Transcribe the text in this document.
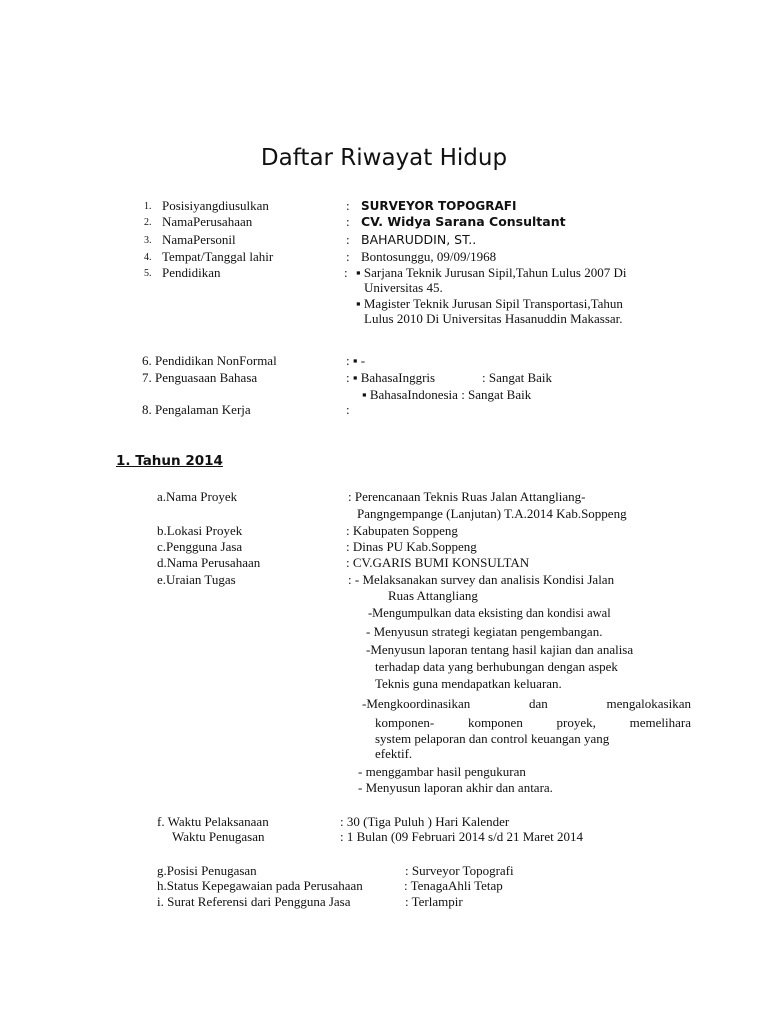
Daftar Riwayat Hidup
1. Posisiyangdiusulkan	: SURVEYOR TOPOGRAFI
2. NamaPerusahaan	: CV. Widya Sarana Consultant
3. NamaPersonil	: BAHARUDDIN, ST..
4. Tempat/Tanggal lahir	: Bontosunggu, 09/09/1968
5. Pendidikan	: ▪ Sarjana Teknik Jurusan Sipil,Tahun Lulus 2007 Di
Universitas 45.
▪ Magister Teknik Jurusan Sipil Transportasi,Tahun
Lulus 2010 Di Universitas Hasanuddin Makassar.
6. Pendidikan NonFormal	: ▪ -
7. Penguasaan Bahasa	: ▪ BahasaInggris	: Sangat Baik
▪ BahasaIndonesia : Sangat Baik
8. Pengalaman Kerja	:
1. Tahun 2014
a.Nama Proyek	: Perencanaan Teknis Ruas Jalan Attangliang-
Pangngempange (Lanjutan) T.A.2014 Kab.Soppeng
b.Lokasi Proyek	: Kabupaten Soppeng
c.Pengguna Jasa	: Dinas PU Kab.Soppeng
d.Nama Perusahaan	: CV.GARIS BUMI KONSULTAN
e.Uraian Tugas	: - Melaksanakan survey dan analisis Kondisi Jalan
Ruas Attangliang
-Mengumpulkan data eksisting dan kondisi awal
- Menyusun strategi kegiatan pengembangan.
-Menyusun laporan tentang hasil kajian dan analisa
terhadap data yang berhubungan dengan aspek
Teknis guna mendapatkan keluaran.
-Mengkoordinasikan dan mengalokasikan
komponen- komponen proyek, memelihara
system pelaporan dan control keuangan yang
efektif.
- menggambar hasil pengukuran
- Menyusun laporan akhir dan antara.
f. Waktu Pelaksanaan	: 30 (Tiga Puluh ) Hari Kalender
Waktu Penugasan	: 1 Bulan (09 Februari 2014 s/d 21 Maret 2014
g.Posisi Penugasan	: Surveyor Topografi
h.Status Kepegawaian pada Perusahaan	: TenagaAhli Tetap
i. Surat Referensi dari Pengguna Jasa	: Terlampir
